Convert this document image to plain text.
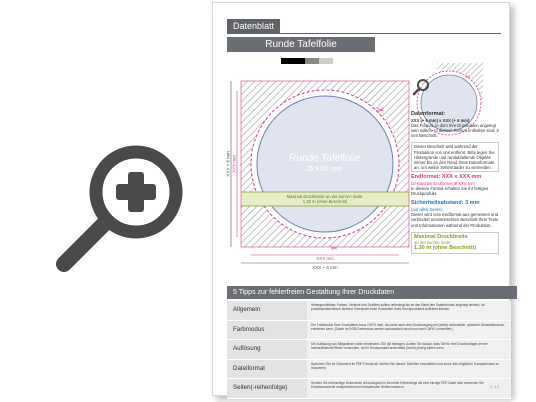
Datenblatt
Runde Tafelfolie
Runde Tafelfolie
Ø XXX mm
Maximal Druckbreite an der kurzen Seite:
1,30 m (ohne Beschnitt)
✂
✂
XXX mm
XXX + 6 mm
XXX + 6 mm XXX mm
✂
Datenformat:

XXX (+ 6 mm) x XXX (+ 6 mm)
Das Format, in dem Ihre Druckdaten angelegt sein sollten. In diesem Format enthalten sind: 3 mm Beschnitt.

Dieser Beschnitt wird während der Produktion von uns entfernt. Bitte legen Sie Hintergründe und randabfallende Objekte immer bis an den Rand Ihres Datenformats an, um weiße Seitenränder zu vermeiden.

Endformat: XXX x XXX mm

Gestanztes Endformat Ø XXX mm
In diesem Format erhalten Sie Ihr fertiges Druckprodukt.

Sicherheitsabstand: 3 mm

(auf allen Seiten)
Dieser wird vom Endformat aus gemessen und verhindert unerwünschten Beschnitt Ihrer Texte und Informationen während der Produktion.

Maximal Druckbreite
an der kurzen Seite:
1,30 m (ohne Beschnitt)
5 Tipps zur fehlerfreien Gestaltung Ihrer Druckdaten
Allgemein
Hintergrundbilder, Farben, Verläufe und Grafiken sollten unbedingt bis an den Rand des Datenformats angelegt werden, da produktionstechnisch kleinere Toleranzen beim Schneiden Ihres Druckproduktes auftreten können.
Farbmodus
Der Farbmodus Ihrer Druckdaten muss CMYK sein, da sonst nach dem Druckvorgang ein (leicht) veränderter, optischer Gesamteindruck entstehen kann. (Daten im RGB-Farbmodus werden automatisch durch uns nach CMYK konvertiert.)
Auflösung
Die Auflösung von Bildgrafiken sollte mindestens 300 dpi betragen. Achten Sie darauf, dass Sie für Ihre Druckvorlagen immer hochauflösende Bilder verwenden, da Ihr Druckprodukt andernfalls (leicht) pixelig wirken kann.
Dateiformat
Speichern Sie Ihr Dokument im PDF-Format ab. Achten Sie darauf, Schriften einzubetten und zuvor alle möglichen Transparenzen zu reduzieren.
Seiten(-reihenfolge)
Senden Sie mehrseitige Dokumente chronologisch in korrekter Reihenfolge als eine einzige PDF-Datei oder benennen Sie Einzeldokumente entsprechend mit fortlaufenden Seitennummern.	V. 1.0
